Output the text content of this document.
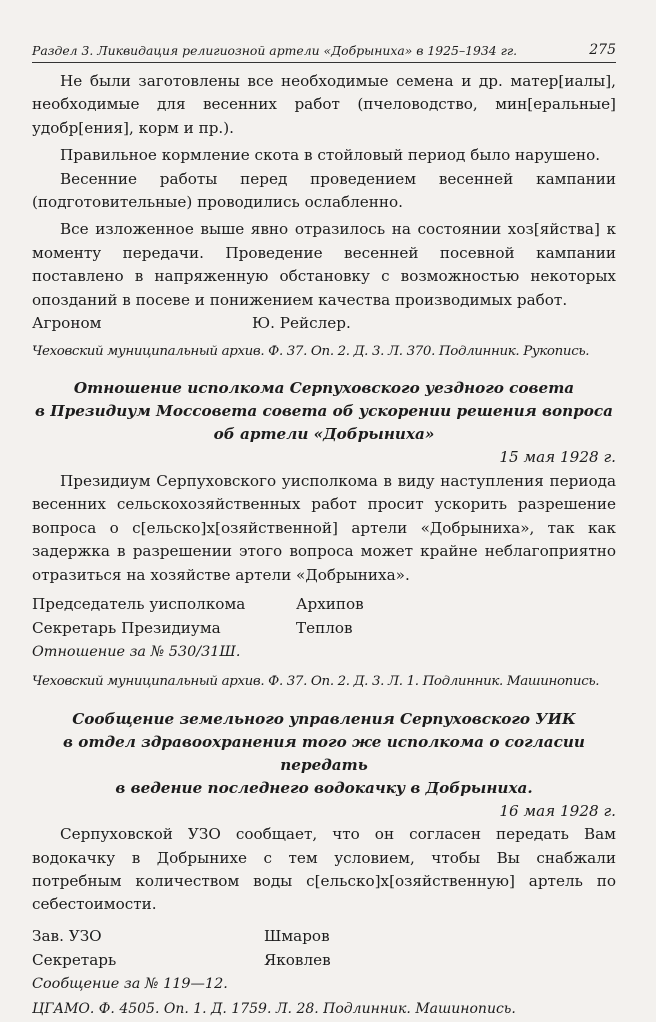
Раздел 3. Ликвидация религиозной артели «Добрыниха» в 1925–1934 гг.	275

Не были заготовлены все необходимые семена и др. матер[иалы], необходимые для весенних работ (пчеловодство, мин[еральные] удобр[ения], корм и пр.).

Правильное кормление скота в стойловый период было нарушено.

Весенние работы перед проведением весенней кампании (подготовительные) проводились ослабленно.

Все изложенное выше явно отразилось на состоянии хоз[яйства] к моменту передачи. Проведение весенней посевной кампании поставлено в напряженную обстановку с возможностью некоторых опозданий в посеве и понижением качества производимых работ.

Агроном	Ю. Рейслер.
Чеховский муниципальный архив. Ф. 37. Оп. 2. Д. 3. Л. 370. Подлинник. Рукопись.
Отношение исполкома Серпуховского уездного совета
в Президиум Моссовета совета об ускорении решения вопроса
об артели «Добрыниха»
15 мая 1928 г.

Президиум Серпуховского уисполкома в виду наступления периода весенних сельскохозяйственных работ просит ускорить разрешение вопроса о с[ельско]х[озяйственной] артели «Добрыниха», так как задержка в разрешении этого вопроса может крайне неблагоприятно отразиться на хозяйстве артели «Добрыниха».

Председатель уисполкома	Архипов
Секретарь Президиума	Теплов
Отношение за № 530/31Ш.
Чеховский муниципальный архив. Ф. 37. Оп. 2. Д. 3. Л. 1. Подлинник. Машинопись.
Сообщение земельного управления Серпуховского УИК
в отдел здравоохранения того же исполкома о согласии передать
в ведение последнего водокачку в Добрыниха.
16 мая 1928 г.

Серпуховской УЗО сообщает, что он согласен передать Вам водокачку в Добрынихе с тем условием, чтобы Вы снабжали потребным количеством воды с[ельско]х[озяйственную] артель по себестоимости.

Зав. УЗО	Шмаров
Секретарь	Яковлев
Сообщение за № 119—12.
ЦГАМО. Ф. 4505. Оп. 1. Д. 1759. Л. 28. Подлинник. Машинопись.
